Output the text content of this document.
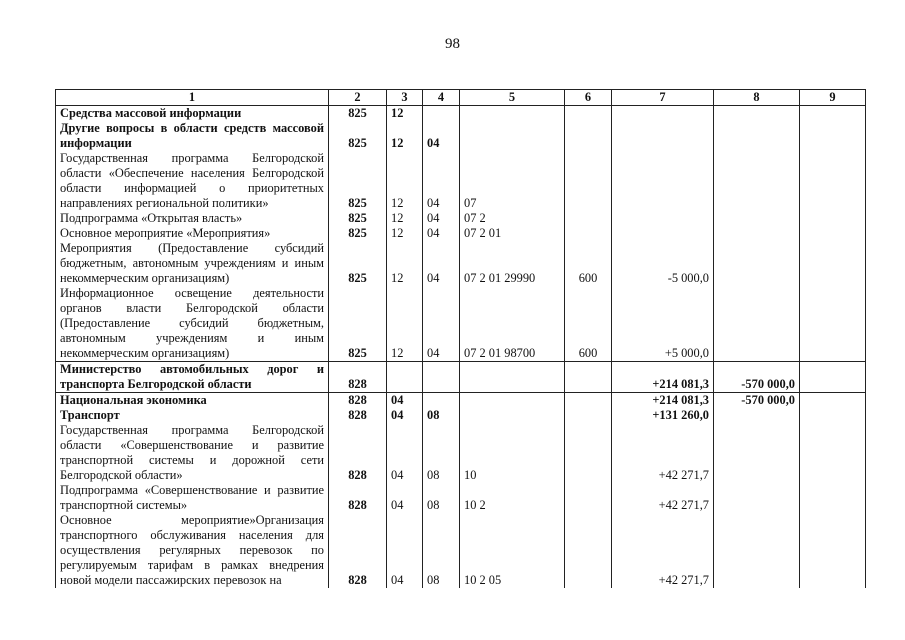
98
1	2	3	4	5	6	7	8	9
Средства массовой информации	825	12						
Другие вопросы в области средств массовой информации	825	12	04					
Государственная программа Белгородской области «Обеспечение населения Белгородской области информацией о приоритетных направлениях региональной политики»	825	12	04	07				
Подпрограмма «Открытая власть»	825	12	04	07 2				
Основное мероприятие «Мероприятия»	825	12	04	07 2 01				
Мероприятия (Предоставление субсидий бюджетным, автономным учреждениям и иным некоммерческим организациям)	825	12	04	07 2 01 29990	600	-5 000,0		
Информационное освещение деятельности органов власти Белгородской области (Предоставление субсидий бюджетным, автономным учреждениям и иным некоммерческим организациям)	825	12	04	07 2 01 98700	600	+5 000,0		
Министерство автомобильных дорог и транспорта Белгородской области	828					+214 081,3	-570 000,0	
Национальная экономика	828	04				+214 081,3	-570 000,0	
Транспорт	828	04	08			+131 260,0		
Государственная программа Белгородской области «Совершенствование и развитие транспортной системы и дорожной сети Белгородской области»	828	04	08	10		+42 271,7		
Подпрограмма «Совершенствование и развитие транспортной системы»	828	04	08	10 2		+42 271,7		
Основное мероприятие»Организация транспортного обслуживания населения для осуществления регулярных перевозок по регулируемым тарифам в рамках внедрения новой модели пассажирских перевозок на	828	04	08	10 2 05		+42 271,7		
